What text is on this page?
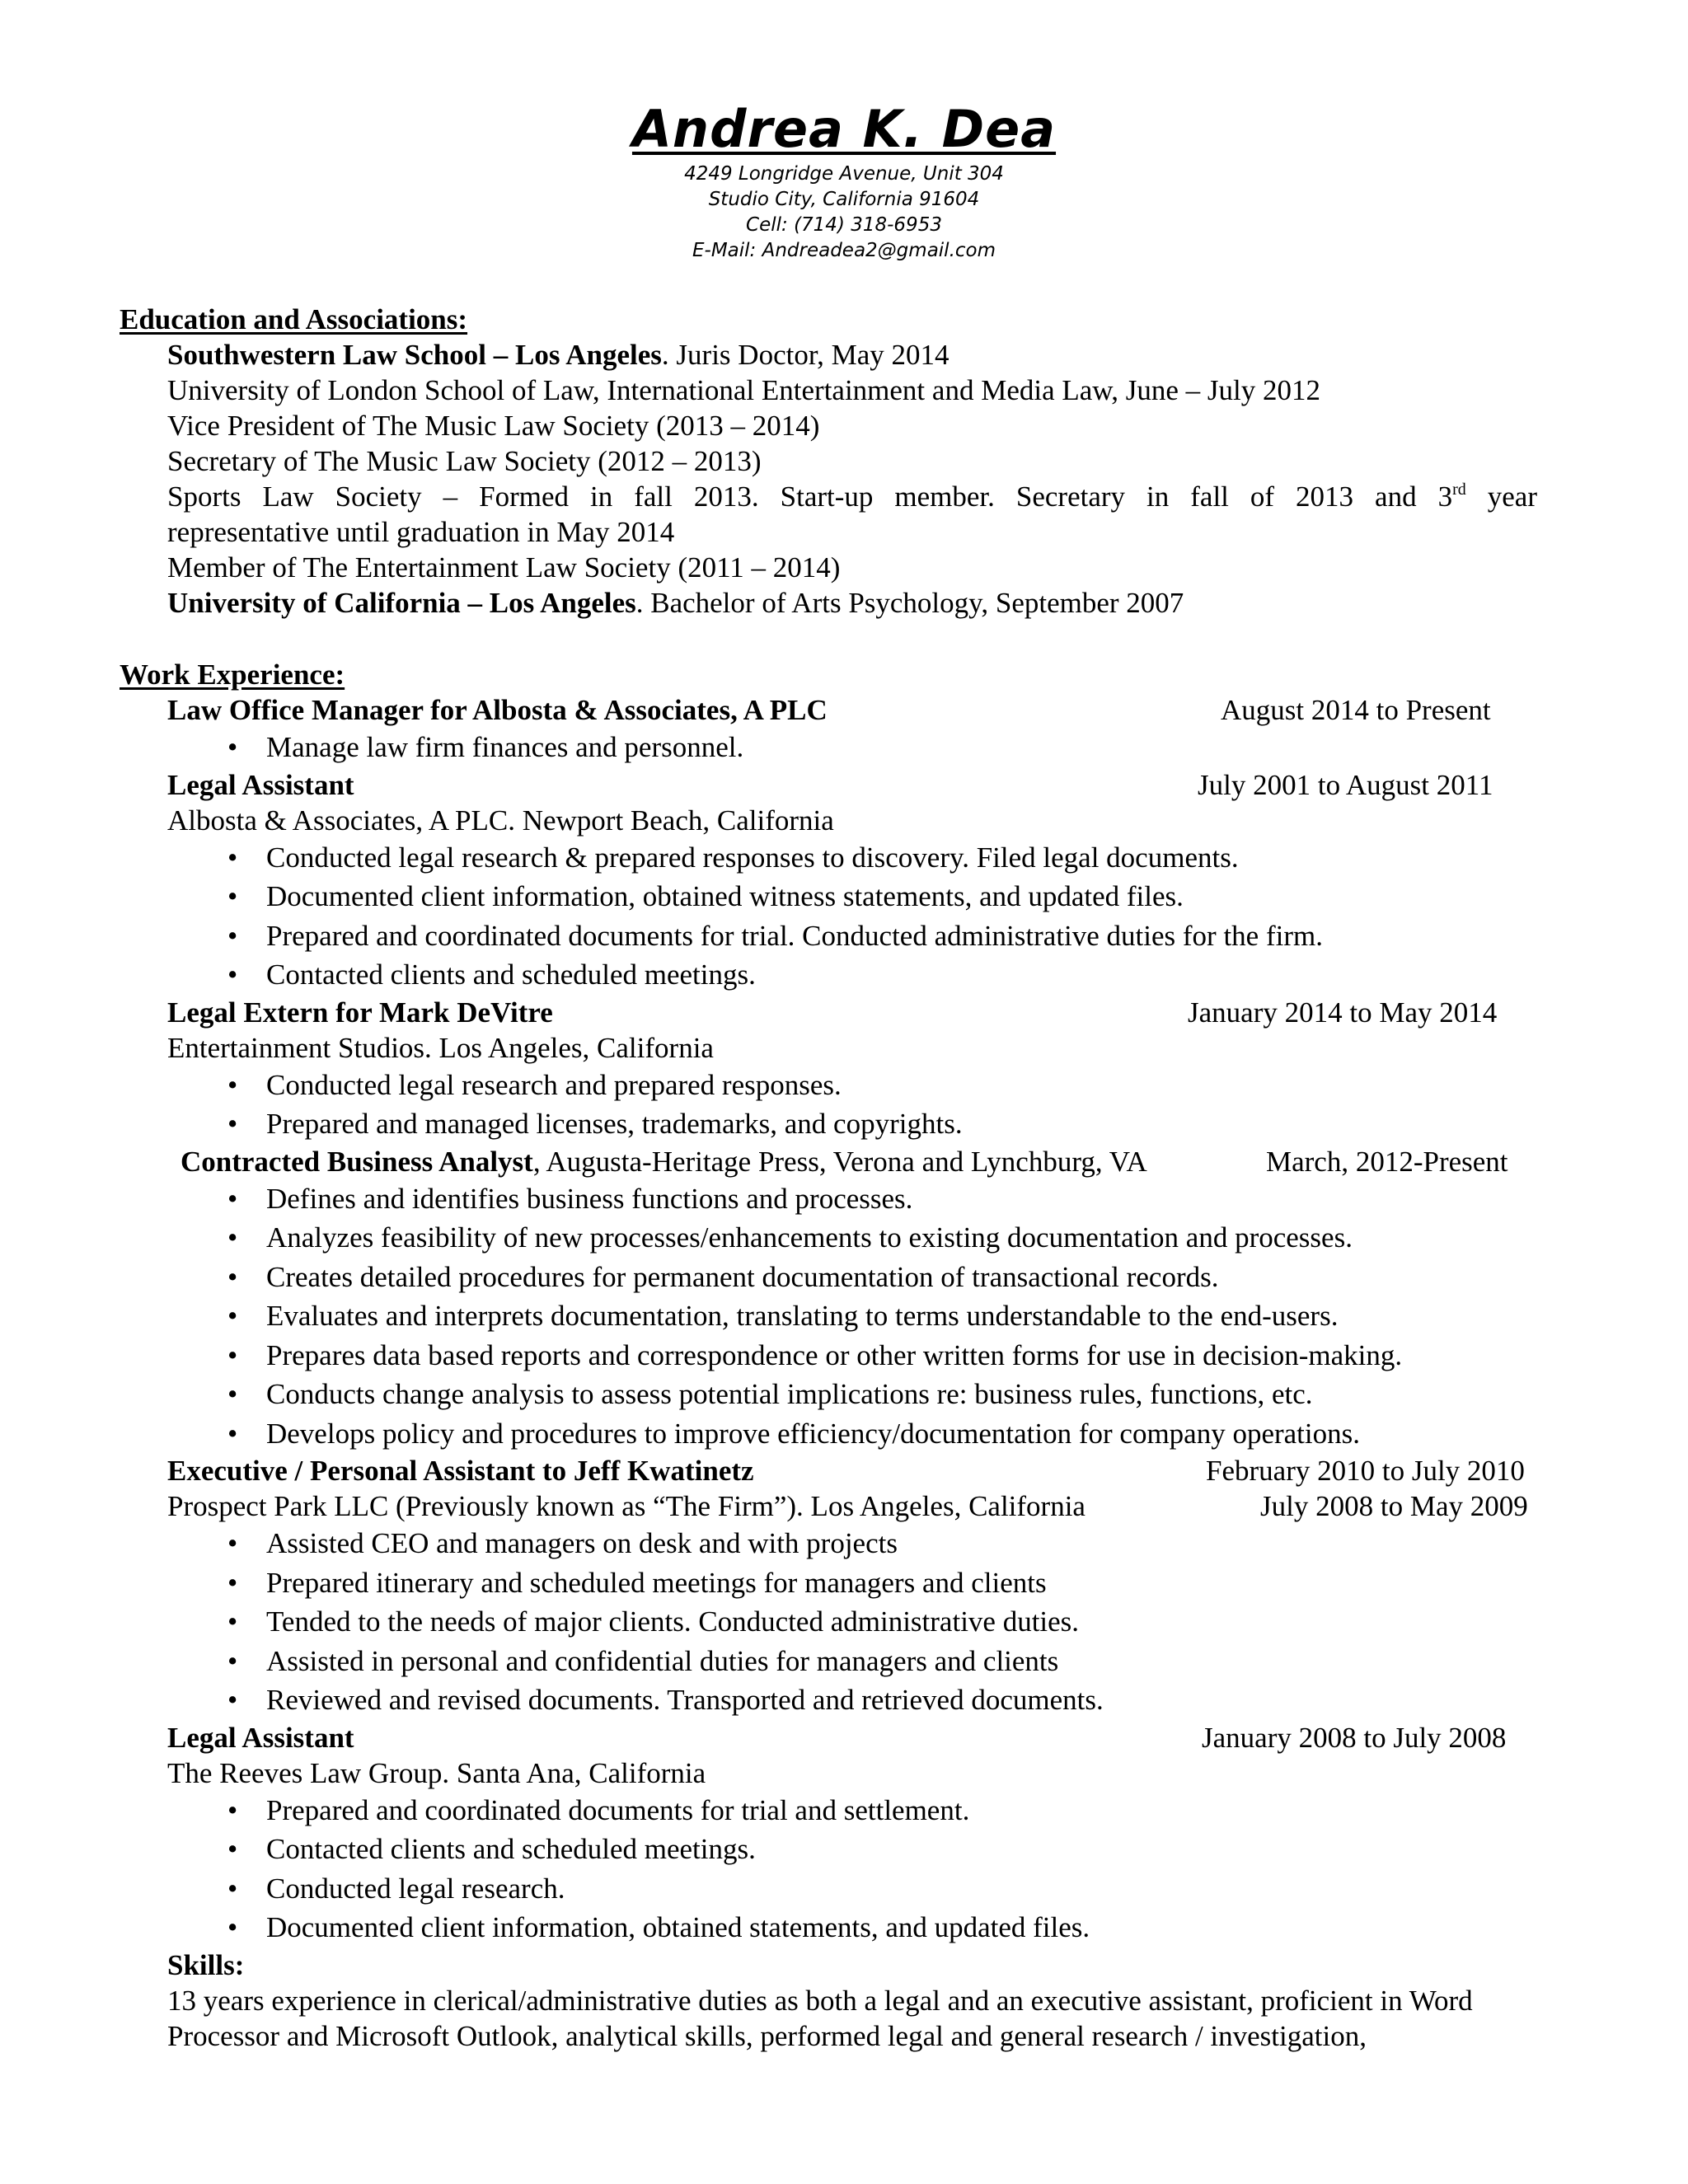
Andrea K. Dea

4249 Longridge Avenue, Unit 304

Studio City, California 91604

Cell: (714) 318-6953

E-Mail: Andreadea2@gmail.com

Education and Associations:
Southwestern Law School – Los Angeles. Juris Doctor, May 2014
University of London School of Law, International Entertainment and Media Law, June – July 2012
Vice President of The Music Law Society (2013 – 2014)
Secretary of The Music Law Society (2012 – 2013)
Sports Law Society – Formed in fall 2013. Start-up member. Secretary in fall of 2013 and 3rd year
representative until graduation in May 2014
Member of The Entertainment Law Society (2011 – 2014)
University of California – Los Angeles. Bachelor of Arts Psychology, September 2007
Work Experience:
Law Office Manager for Albosta & Associates, A PLC	August 2014 to Present
• Manage law firm finances and personnel.
Legal Assistant	July 2001 to August 2011
Albosta & Associates, A PLC. Newport Beach, California
• Conducted legal research & prepared responses to discovery. Filed legal documents.
• Documented client information, obtained witness statements, and updated files.
• Prepared and coordinated documents for trial. Conducted administrative duties for the firm.
• Contacted clients and scheduled meetings.
Legal Extern for Mark DeVitre	January 2014 to May 2014
Entertainment Studios. Los Angeles, California
• Conducted legal research and prepared responses.
• Prepared and managed licenses, trademarks, and copyrights.
Contracted Business Analyst, Augusta-Heritage Press, Verona and Lynchburg, VA	March, 2012-Present
• Defines and identifies business functions and processes.
• Analyzes feasibility of new processes/enhancements to existing documentation and processes.
• Creates detailed procedures for permanent documentation of transactional records.
• Evaluates and interprets documentation, translating to terms understandable to the end-users.
• Prepares data based reports and correspondence or other written forms for use in decision-making.
• Conducts change analysis to assess potential implications re: business rules, functions, etc.
• Develops policy and procedures to improve efficiency/documentation for company operations.
Executive / Personal Assistant to Jeff Kwatinetz	February 2010 to July 2010
Prospect Park LLC (Previously known as “The Firm”). Los Angeles, California	July 2008 to May 2009
• Assisted CEO and managers on desk and with projects
• Prepared itinerary and scheduled meetings for managers and clients
• Tended to the needs of major clients. Conducted administrative duties.
• Assisted in personal and confidential duties for managers and clients
• Reviewed and revised documents. Transported and retrieved documents.
Legal Assistant	January 2008 to July 2008
The Reeves Law Group. Santa Ana, California
• Prepared and coordinated documents for trial and settlement.
• Contacted clients and scheduled meetings.
• Conducted legal research.
• Documented client information, obtained statements, and updated files.
Skills:
13 years experience in clerical/administrative duties as both a legal and an executive assistant, proficient in Word
Processor and Microsoft Outlook, analytical skills, performed legal and general research / investigation,
